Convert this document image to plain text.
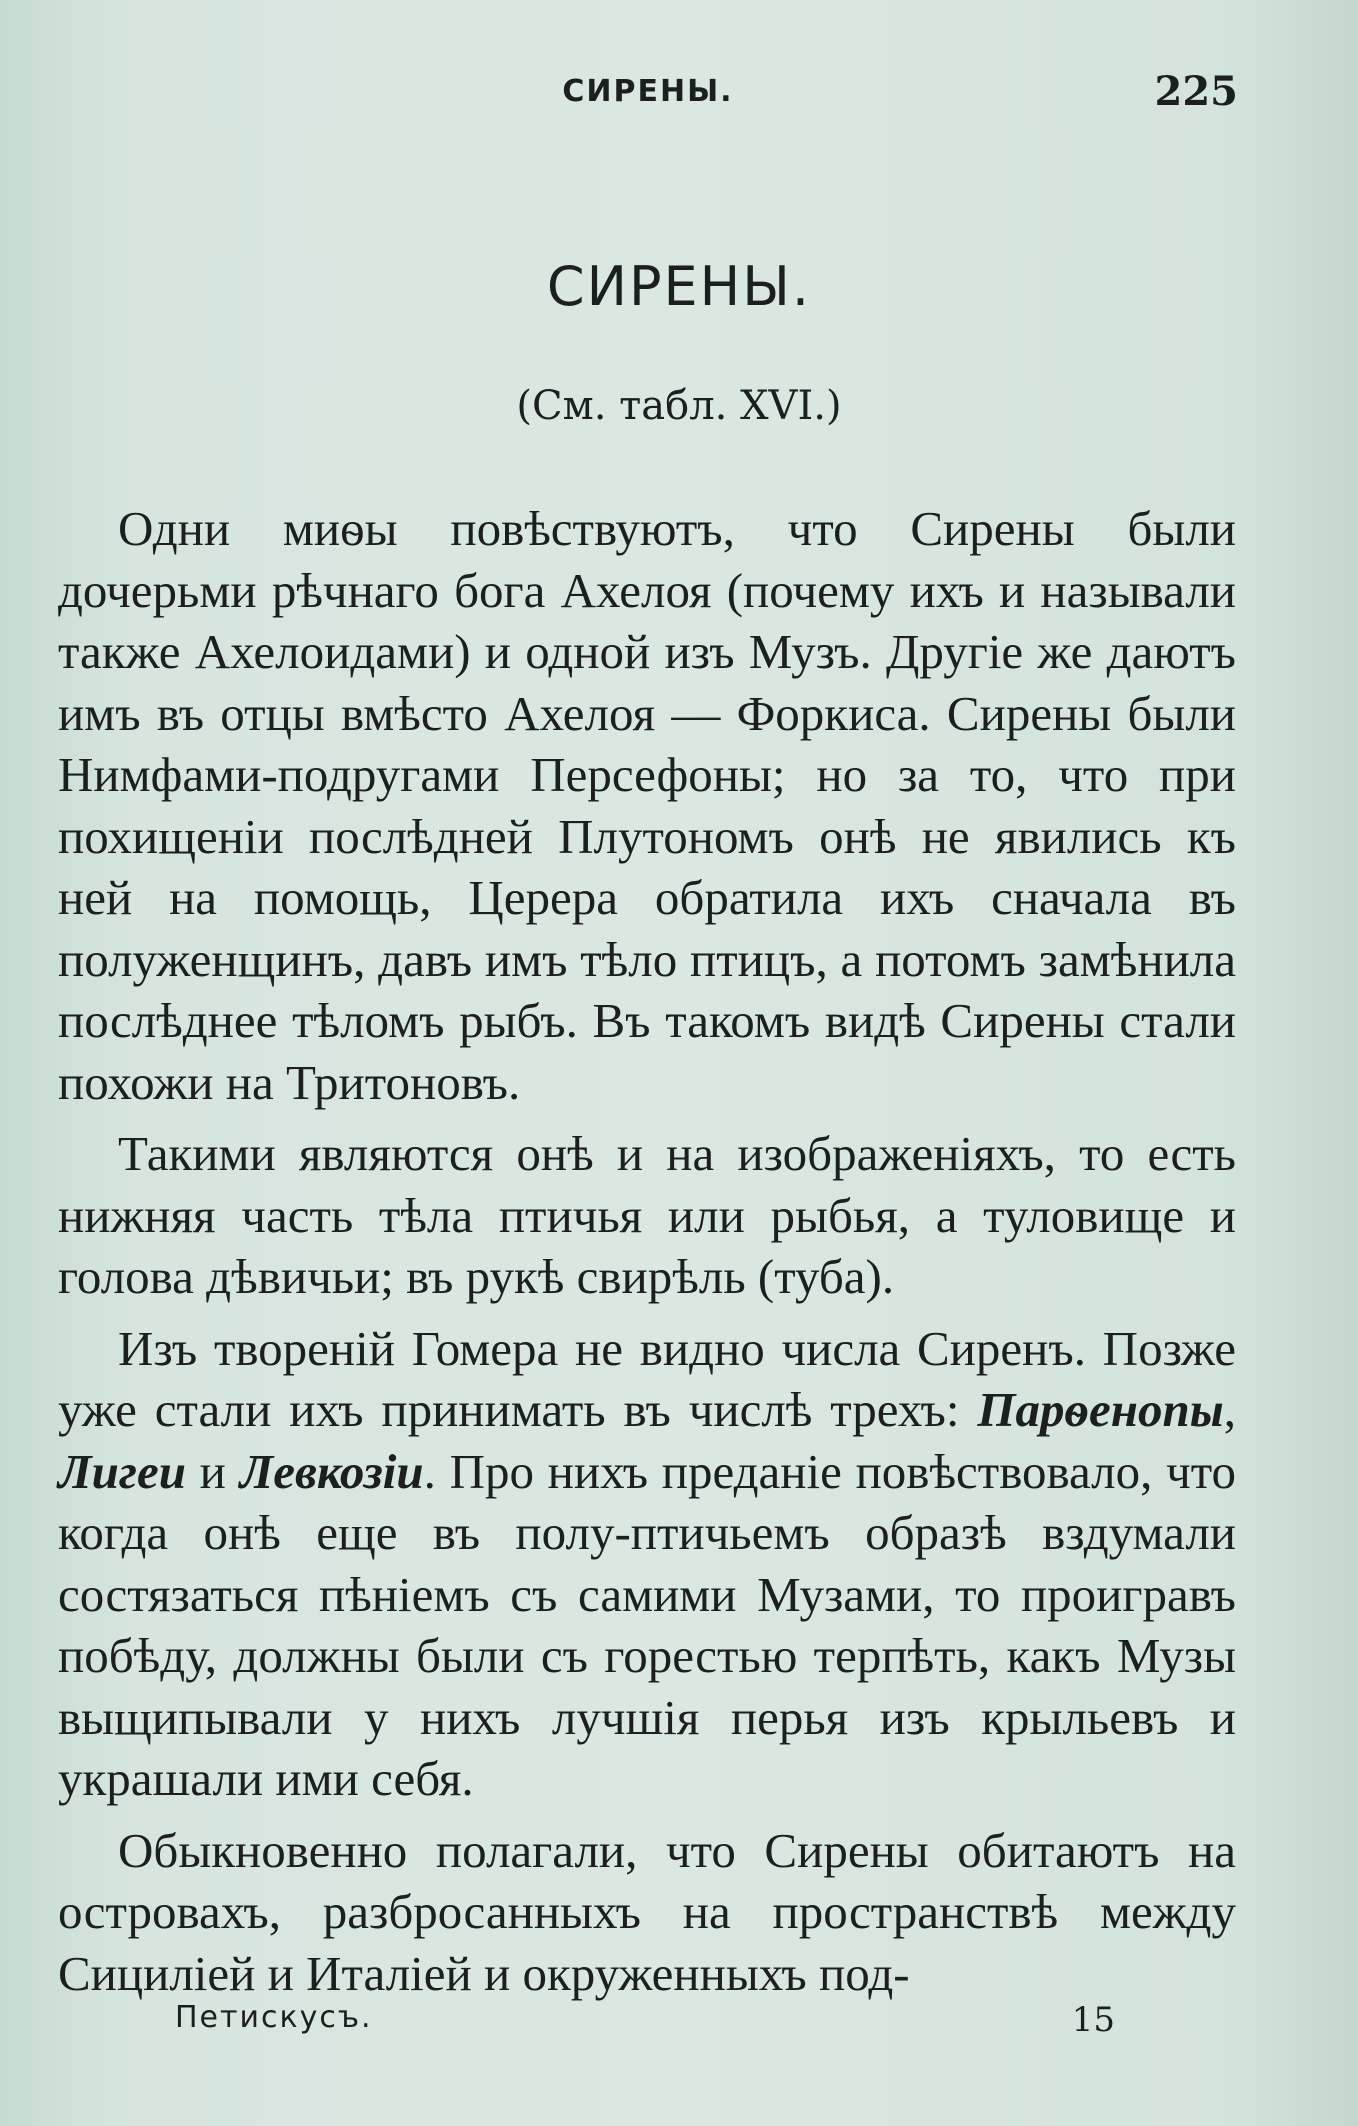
СИРЕНЫ.	225
СИРЕНЫ.
(См. табл. XVI.)

Одни миѳы повѣствуютъ, что Сирены были дочерьми рѣчнаго бога Ахелоя (почему ихъ и называли также Ахелоидами) и одной изъ Музъ. Другіе же даютъ имъ въ отцы вмѣсто Ахелоя — Форкиса. Сирены были Нимфами-подругами Персефоны; но за то, что при похищеніи послѣдней Плутономъ онѣ не явились къ ней на помощь, Церера обратила ихъ сначала въ полуженщинъ, давъ имъ тѣло птицъ, а потомъ замѣнила послѣднее тѣломъ рыбъ. Въ такомъ видѣ Сирены стали похожи на Тритоновъ.

Такими являются онѣ и на изображеніяхъ, то есть нижняя часть тѣла птичья или рыбья, а туловище и голова дѣвичьи; въ рукѣ свирѣль (туба).

Изъ твореній Гомера не видно числа Сиренъ. Позже уже стали ихъ принимать въ числѣ трехъ: Парѳенопы, Лигеи и Левкозіи. Про нихъ преданіе повѣствовало, что когда онѣ еще въ полу-птичьемъ образѣ вздумали состязаться пѣніемъ съ самими Музами, то проигравъ побѣду, должны были съ горестью терпѣть, какъ Музы выщипывали у нихъ лучшія перья изъ крыльевъ и украшали ими себя.

Обыкновенно полагали, что Сирены обитаютъ на островахъ, разбросанныхъ на пространствѣ между Сициліей и Италіей и окруженныхъ под-

Петискусъ.	15
